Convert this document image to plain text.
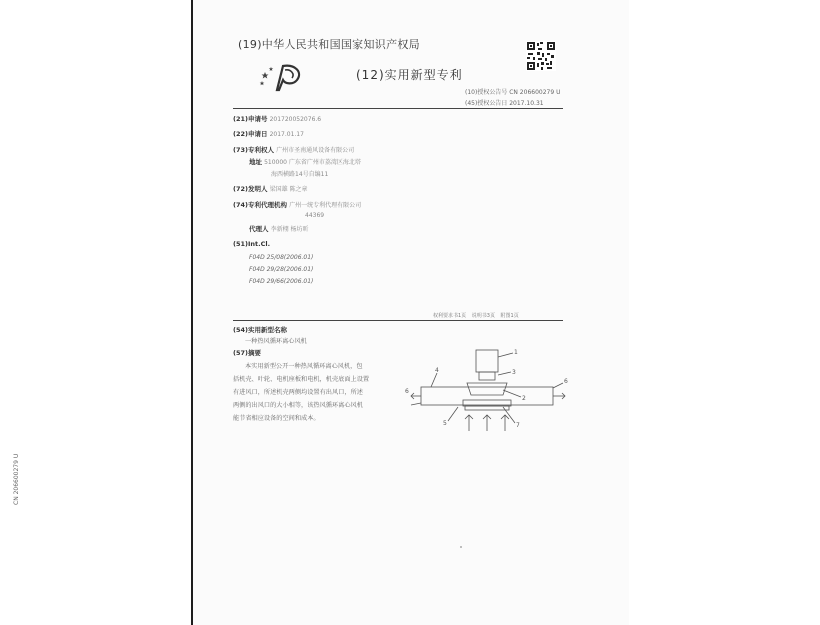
(19)中华人民共和国国家知识产权局
(12)实用新型专利
(10)授权公告号 CN 206600279 U
(45)授权公告日 2017.10.31
(21)申请号 201720052076.6
(22)申请日 2017.01.17
(73)专利权人 广州市圣南通风设备有限公司
地址 510000 广东省广州市荔湾区海北塔
海西横路14号自编11
(72)发明人 梁国雄 陈之章
(74)专利代理机构 广州一统专利代理有限公司
44369
代理人 李新栩 杨坊昕
(51)Int.Cl.
F04D 25/08(2006.01)
F04D 29/28(2006.01)
F04D 29/66(2006.01)
权利要求书1页 说明书3页 附图1页
(54)实用新型名称
一种热风循环离心风机
(57)摘要
本实用新型公开一种热风循环离心风机，包
括机壳、叶轮、电机座板和电机，机壳底面上设置
有进风口，所述机壳两侧均设置有出风口，所述
两侧的出风口的大小相等，该热风循环离心风机
能节省相应设备的空间和成本。
1
2
3
4
5
6
6
7
CN 206600279 U
